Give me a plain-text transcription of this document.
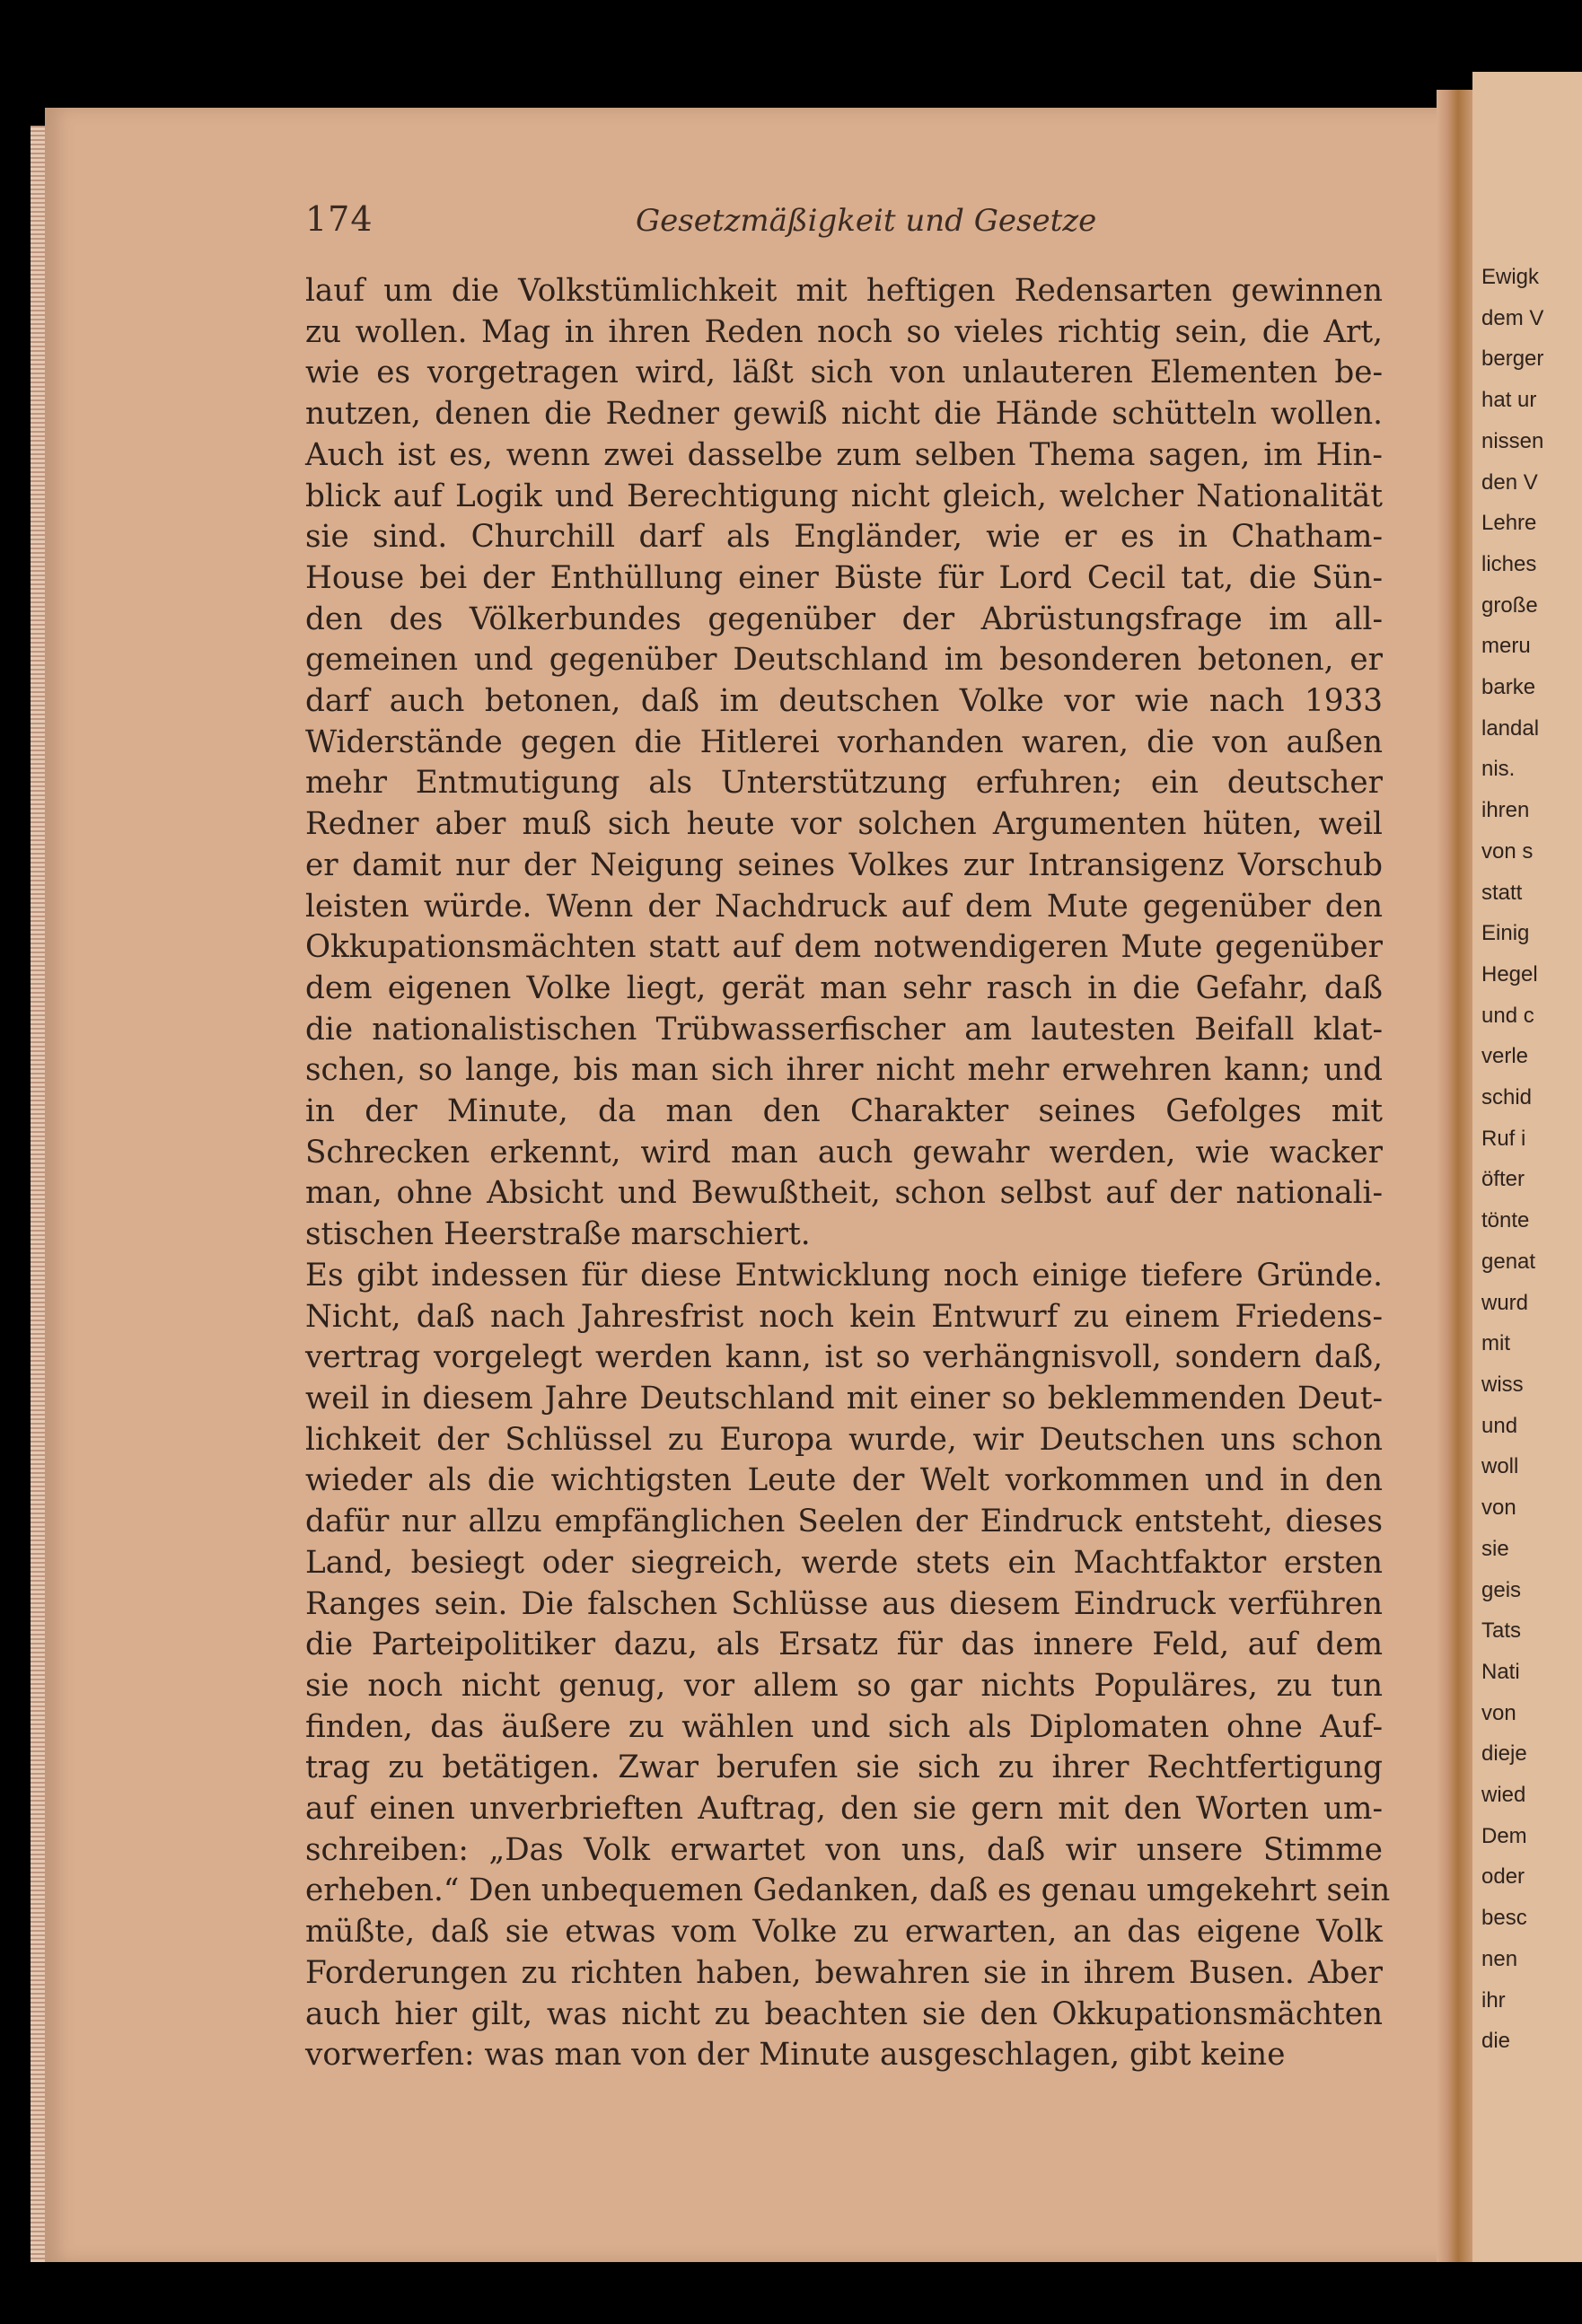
Ewigk
dem V
berger
hat ur
nissen
den V
Lehre
liches
große
meru
barke
landal
nis.
ihren
von s
statt
Einig
Hegel
und c
verle
schid
Ruf i
öfter
tönte
genat
wurd
mit
wiss
und
woll
von
sie
geis
Tats
Nati
von
dieje
wied
Dem
oder
besc
nen
ihr
die
174	Gesetzmäßigkeit und Gesetze
lauf um die Volkstümlichkeit mit heftigen Redensarten gewinnen
zu wollen. Mag in ihren Reden noch so vieles richtig sein, die Art,
wie es vorgetragen wird, läßt sich von unlauteren Elementen be-
nutzen, denen die Redner gewiß nicht die Hände schütteln wollen.
Auch ist es, wenn zwei dasselbe zum selben Thema sagen, im Hin-
blick auf Logik und Berechtigung nicht gleich, welcher Nationalität
sie sind. Churchill darf als Engländer, wie er es in Chatham-
House bei der Enthüllung einer Büste für Lord Cecil tat, die Sün-
den des Völkerbundes gegenüber der Abrüstungsfrage im all-
gemeinen und gegenüber Deutschland im besonderen betonen, er
darf auch betonen, daß im deutschen Volke vor wie nach 1933
Widerstände gegen die Hitlerei vorhanden waren, die von außen
mehr Entmutigung als Unterstützung erfuhren; ein deutscher
Redner aber muß sich heute vor solchen Argumenten hüten, weil
er damit nur der Neigung seines Volkes zur Intransigenz Vorschub
leisten würde. Wenn der Nachdruck auf dem Mute gegenüber den
Okkupationsmächten statt auf dem notwendigeren Mute gegenüber
dem eigenen Volke liegt, gerät man sehr rasch in die Gefahr, daß
die nationalistischen Trübwasserfischer am lautesten Beifall klat-
schen, so lange, bis man sich ihrer nicht mehr erwehren kann; und
in der Minute, da man den Charakter seines Gefolges mit
Schrecken erkennt, wird man auch gewahr werden, wie wacker
man, ohne Absicht und Bewußtheit, schon selbst auf der nationali-
stischen Heerstraße marschiert.
Es gibt indessen für diese Entwicklung noch einige tiefere Gründe.
Nicht, daß nach Jahresfrist noch kein Entwurf zu einem Friedens-
vertrag vorgelegt werden kann, ist so verhängnisvoll, sondern daß,
weil in diesem Jahre Deutschland mit einer so beklemmenden Deut-
lichkeit der Schlüssel zu Europa wurde, wir Deutschen uns schon
wieder als die wichtigsten Leute der Welt vorkommen und in den
dafür nur allzu empfänglichen Seelen der Eindruck entsteht, dieses
Land, besiegt oder siegreich, werde stets ein Machtfaktor ersten
Ranges sein. Die falschen Schlüsse aus diesem Eindruck verführen
die Parteipolitiker dazu, als Ersatz für das innere Feld, auf dem
sie noch nicht genug, vor allem so gar nichts Populäres, zu tun
finden, das äußere zu wählen und sich als Diplomaten ohne Auf-
trag zu betätigen. Zwar berufen sie sich zu ihrer Rechtfertigung
auf einen unverbrieften Auftrag, den sie gern mit den Worten um-
schreiben: „Das Volk erwartet von uns, daß wir unsere Stimme
erheben.“ Den unbequemen Gedanken, daß es genau umgekehrt sein
müßte, daß sie etwas vom Volke zu erwarten, an das eigene Volk
Forderungen zu richten haben, bewahren sie in ihrem Busen. Aber
auch hier gilt, was nicht zu beachten sie den Okkupationsmächten
vorwerfen: was man von der Minute ausgeschlagen, gibt keine
